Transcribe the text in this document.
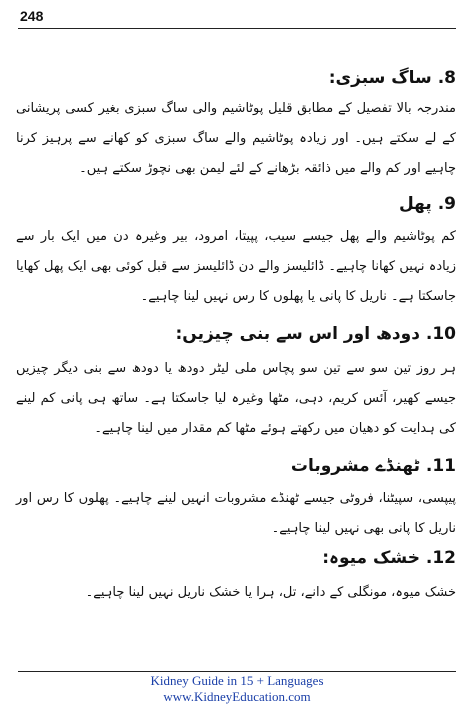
248
8. ساگ سبزی:

مندرجہ بالا تفصیل کے مطابق قلیل پوٹاشیم والی ساگ سبزی بغیر کسی پریشانی کے لے سکتے ہیں۔ اور زیادہ پوٹاشیم والے ساگ سبزی کو کھانے سے پرہیز کرنا چاہیے اور کم والے میں ذائقہ بڑھانے کے لئے لیمن بھی نچوڑ سکتے ہیں۔

9. پھل

کم پوٹاشیم والے پھل جیسے سیب، پپیتا، امرود، بیر وغیرہ دن میں ایک بار سے زیادہ نہیں کھانا چاہیے۔ ڈائلیسز والے دن ڈائلیسز سے قبل کوئی بھی ایک پھل کھایا جاسکتا ہے۔ ناریل کا پانی یا پھلوں کا رس نہیں لینا چاہیے۔

10. دودھ اور اس سے بنی چیزیں:

ہر روز تین سو سے تین سو پچاس ملی لیٹر دودھ یا دودھ سے بنی دیگر چیزیں جیسے کھیر، آئس کریم، دہی، مٹھا وغیرہ لیا جاسکتا ہے۔ ساتھ ہی پانی کم لینے کی ہدایت کو دھیان میں رکھتے ہوئے مٹھا کم مقدار میں لینا چاہیے۔

11. ٹھنڈے مشروبات

پیپسی، سپیٹنا، فروٹی جیسے ٹھنڈے مشروبات انہیں لینے چاہیے۔ پھلوں کا رس اور ناریل کا پانی بھی نہیں لینا چاہیے۔

12. خشک میوہ:

خشک میوہ، مونگلی کے دانے، تل، ہرا یا خشک ناریل نہیں لینا چاہیے۔

Kidney Guide in 15 + Languages
www.KidneyEducation.com
